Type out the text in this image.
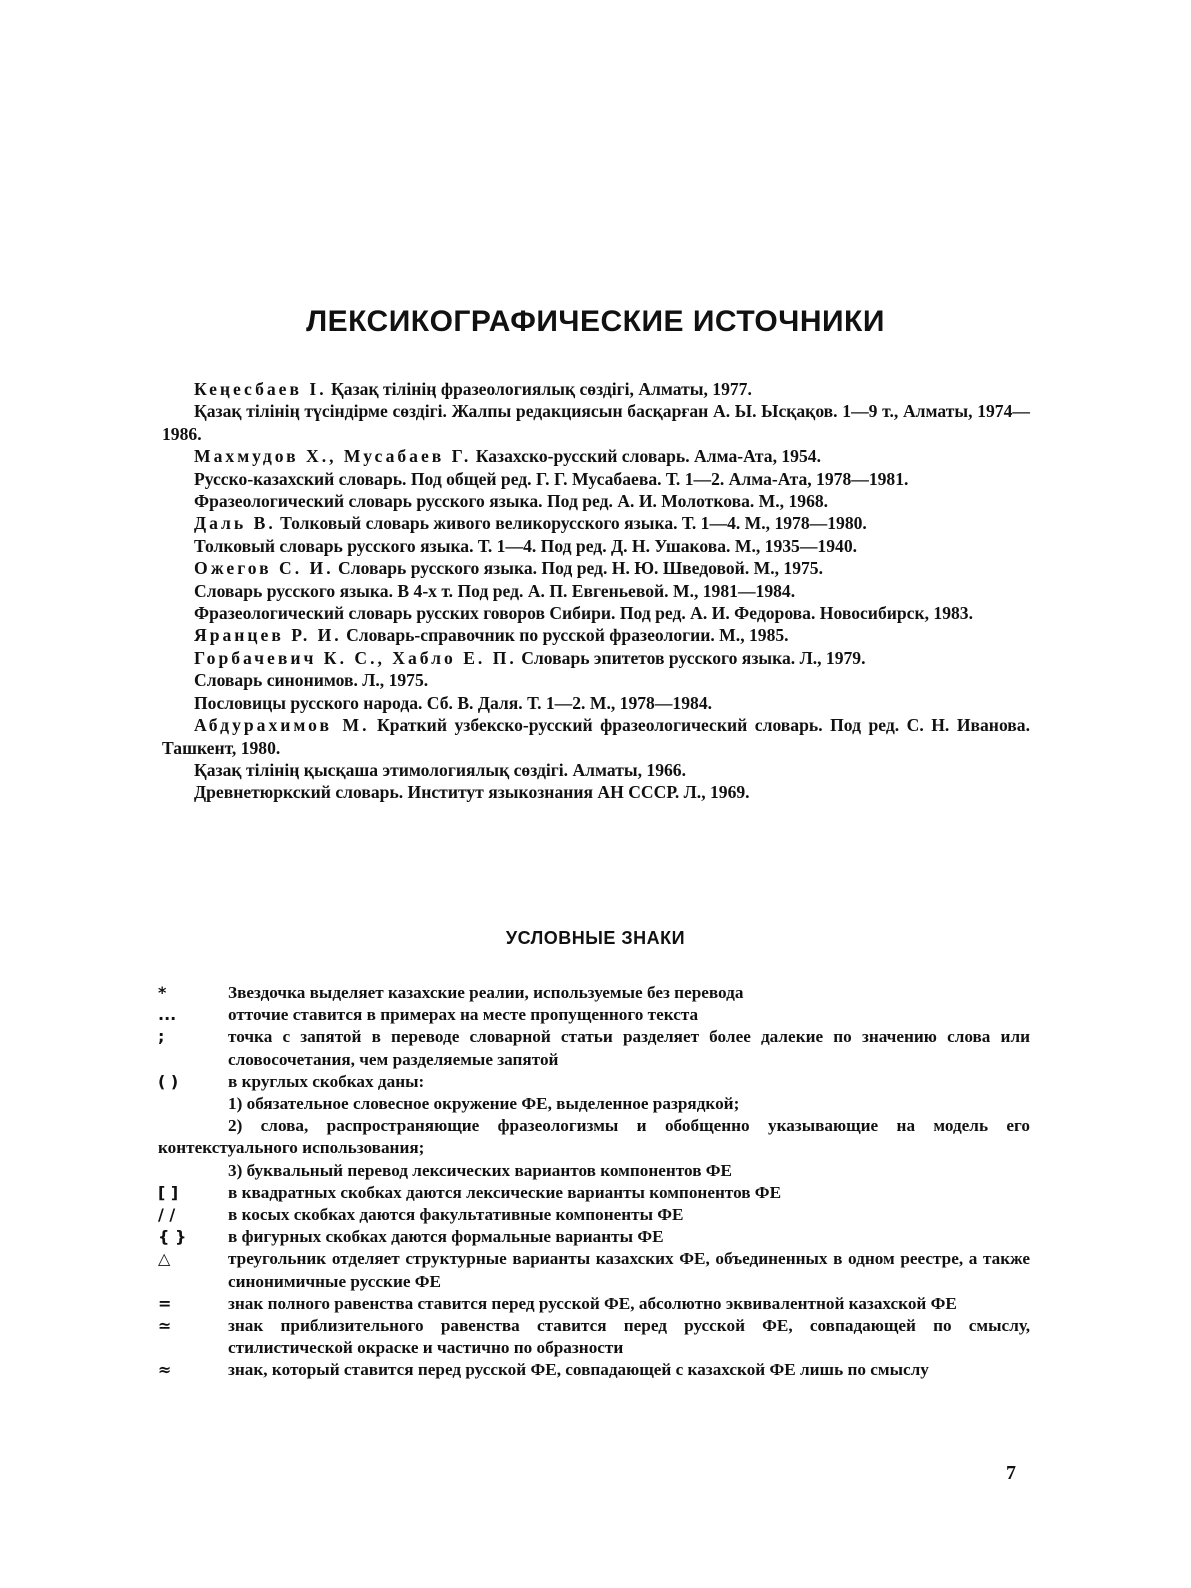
ЛЕКСИКОГРАФИЧЕСКИЕ ИСТОЧНИКИ

Кеңесбаев І. Қазақ тілінің фразеологиялық сөздігі, Алматы, 1977.

Қазақ тілінің түсіндірме сөздігі. Жалпы редакциясын басқарған А. Ы. Ысқақов. 1—9 т., Алматы, 1974—1986.

Махмудов Х., Мусабаев Г. Казахско-русский словарь. Алма-Ата, 1954.

Русско-казахский словарь. Под общей ред. Г. Г. Мусабаева. Т. 1—2. Алма-Ата, 1978—1981.

Фразеологический словарь русского языка. Под ред. А. И. Молоткова. М., 1968.

Даль В. Толковый словарь живого великорусского языка. Т. 1—4. М., 1978—1980.

Толковый словарь русского языка. Т. 1—4. Под ред. Д. Н. Ушакова. М., 1935—1940.

Ожегов С. И. Словарь русского языка. Под ред. Н. Ю. Шведовой. М., 1975.

Словарь русского языка. В 4-х т. Под ред. А. П. Евгеньевой. М., 1981—1984.

Фразеологический словарь русских говоров Сибири. Под ред. А. И. Федорова. Новосибирск, 1983.

Яранцев Р. И. Словарь-справочник по русской фразеологии. М., 1985.

Горбачевич К. С., Хабло Е. П. Словарь эпитетов русского языка. Л., 1979.

Словарь синонимов. Л., 1975.

Пословицы русского народа. Сб. В. Даля. Т. 1—2. М., 1978—1984.

Абдурахимов М. Краткий узбекско-русский фразеологический словарь. Под ред. С. Н. Иванова. Ташкент, 1980.

Қазақ тілінің қысқаша этимологиялық сөздігі. Алматы, 1966.

Древнетюркский словарь. Институт языкознания АН СССР. Л., 1969.

УСЛОВНЫЕ ЗНАКИ
*	Звездочка выделяет казахские реалии, используемые без перевода
...	отточие ставится в примерах на месте пропущенного текста
;	точка с запятой в переводе словарной статьи разделяет более далекие по значению слова или словосочетания, чем разделяемые запятой
( )	в круглых скобках даны:
1) обязательное словесное окружение ФЕ, выделенное разрядкой;
2) слова, распространяющие фразеологизмы и обобщенно указывающие на модель его контекстуального использования;
3) буквальный перевод лексических вариантов компонентов ФЕ
[ ]	в квадратных скобках даются лексические варианты компонентов ФЕ
/ /	в косых скобках даются факультативные компоненты ФЕ
{ }	в фигурных скобках даются формальные варианты ФЕ
△	треугольник отделяет структурные варианты казахских ФЕ, объединенных в одном реестре, а также синонимичные русские ФЕ
=	знак полного равенства ставится перед русской ФЕ, абсолютно эквивалентной казахской ФЕ
≃	знак приблизительного равенства ставится перед русской ФЕ, совпадающей по смыслу, стилистической окраске и частично по образности
≈	знак, который ставится перед русской ФЕ, совпадающей с казахской ФЕ лишь по смыслу
7
